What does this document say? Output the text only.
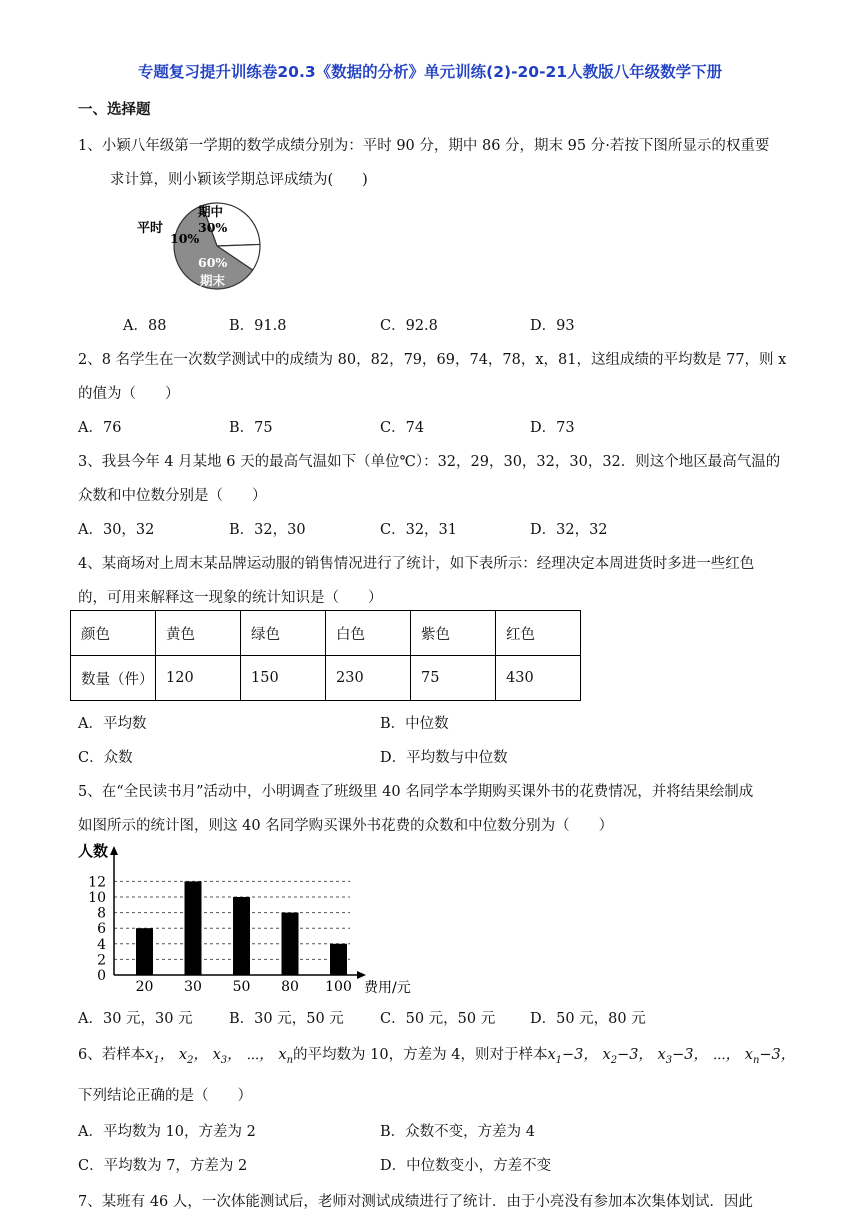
专题复习提升训练卷20.3《数据的分析》单元训练(2)-20-21人教版八年级数学下册
一、选择题
1、小颖八年级第一学期的数学成绩分别为：平时 90 分，期中 86 分，期末 95 分·若按下图所显示的权重要
求计算，则小颖该学期总评成绩为(　　)
平时
期中
30%
10%
60%
期末
A．88	B．91.8	C．92.8	D．93
2、8 名学生在一次数学测试中的成绩为 80，82，79，69，74，78，x，81，这组成绩的平均数是 77，则 x
的值为（　　）
A．76	B．75	C．74	D．73
3、我县今年 4 月某地 6 天的最高气温如下（单位℃）：32，29，30，32，30，32．则这个地区最高气温的
众数和中位数分别是（　　）
A．30，32	B．32，30	C．32，31	D．32，32
4、某商场对上周末某品牌运动服的销售情况进行了统计，如下表所示：经理决定本周进货时多进一些红色
的，可用来解释这一现象的统计知识是（　　）
颜色	黄色	绿色	白色	紫色	红色
数量（件）	120	150	230	75	430
A．平均数	B．中位数
C．众数	D．平均数与中位数
5、在“全民读书月”活动中，小明调查了班级里 40 名同学本学期购买课外书的花费情况，并将结果绘制成
如图所示的统计图，则这 40 名同学购买课外书花费的众数和中位数分别为（　　）
人数
0
2
4
6
8
10
12
20 30 50 80 100 费用/元
A．30 元，30 元	B．30 元，50 元 C．50 元，50 元 D．50 元，80 元
6、若样本$x_1$， $x_2$， $x_3$， ⋯， $x_n$的平均数为 10，方差为 4，则对于样本$x_1-3$， $x_2-3$， $x_3-3$， ⋯， $x_n-3$，
下列结论正确的是（　　）
A．平均数为 10，方差为 2	B．众数不变，方差为 4
C．平均数为 7，方差为 2	D．中位数变小，方差不变
7、某班有 46 人，一次体能测试后，老师对测试成绩进行了统计．由于小亮没有参加本次集体划试．因此
